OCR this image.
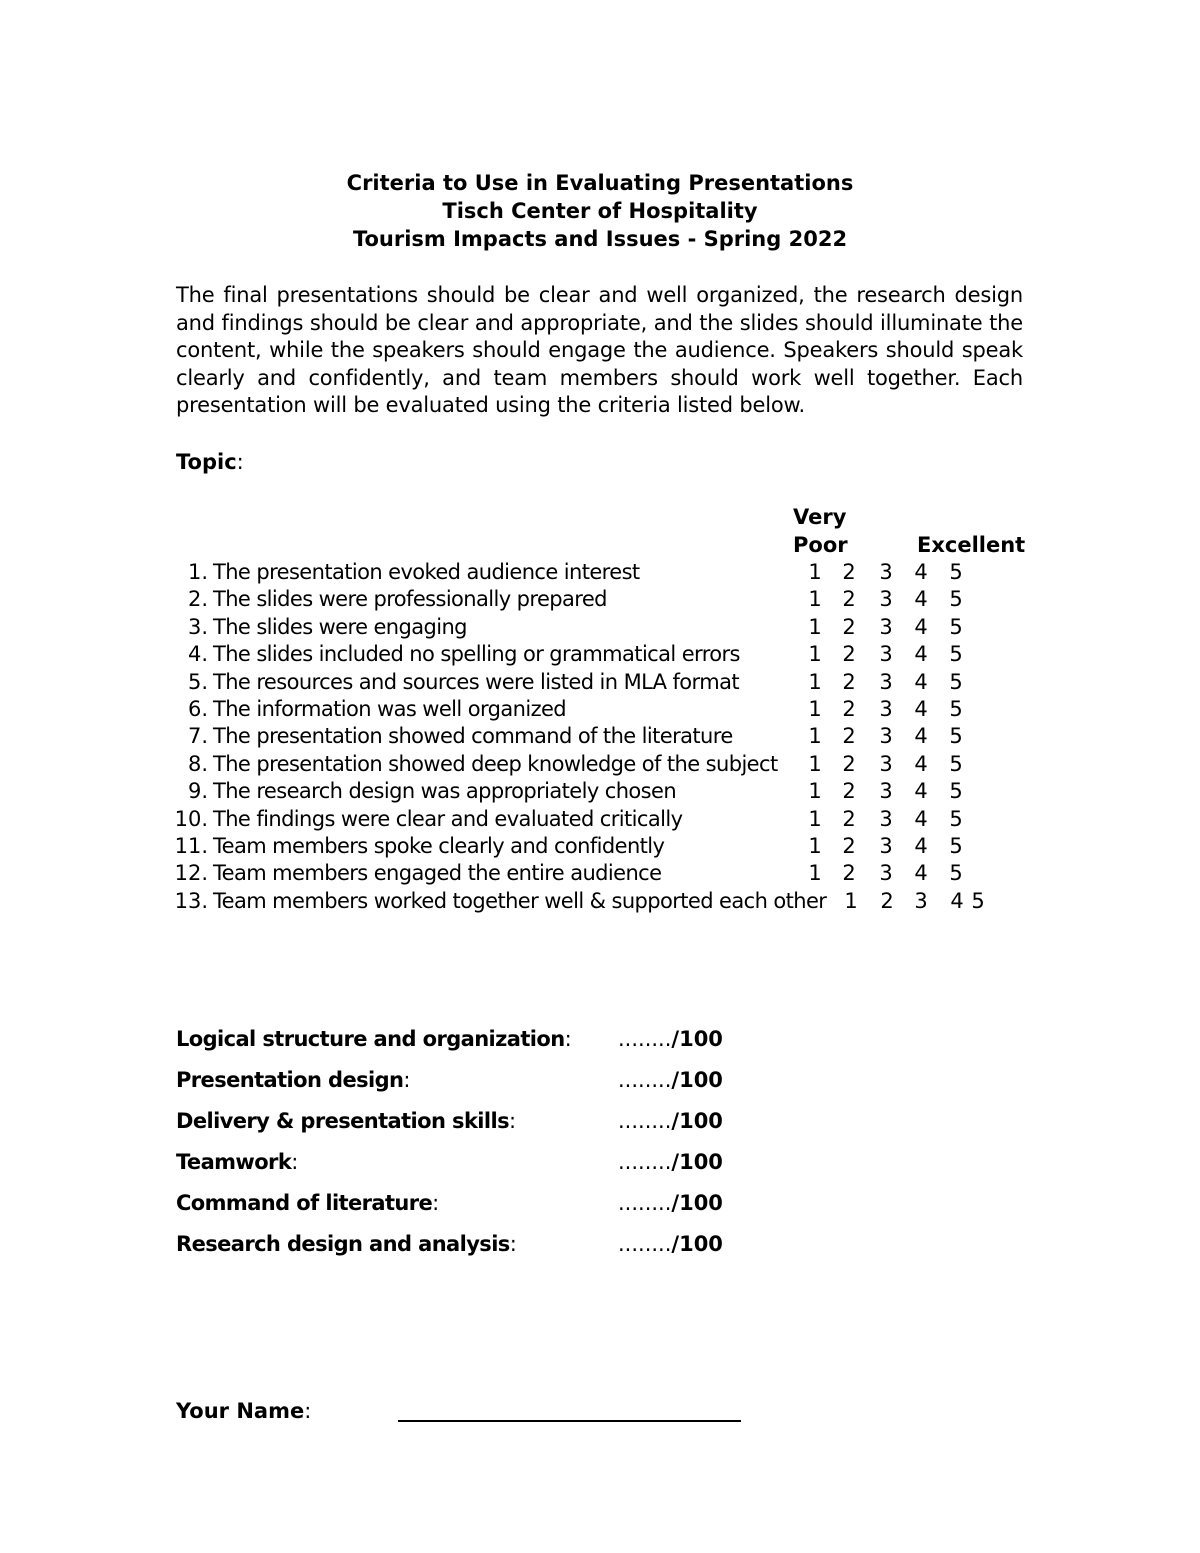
Criteria to Use in Evaluating Presentations
Tisch Center of Hospitality
Tourism Impacts and Issues - Spring 2022
The final presentations should be clear and well organized, the research design and findings should be clear and appropriate, and the slides should illuminate the content, while the speakers should engage the audience. Speakers should speak clearly and confidently, and team members should work well together. Each presentation will be evaluated using the criteria listed below.
Topic:
Very
Poor	Excellent
1. The presentation evoked audience interest	1 2 3 4 5
2. The slides were professionally prepared	1 2 3 4 5
3. The slides were engaging	1 2 3 4 5
4. The slides included no spelling or grammatical errors	1 2 3 4 5
5. The resources and sources were listed in MLA format	1 2 3 4 5
6. The information was well organized	1 2 3 4 5
7. The presentation showed command of the literature	1 2 3 4 5
8. The presentation showed deep knowledge of the subject 1 2 3 4 5
9. The research design was appropriately chosen	1 2 3 4 5
10. The findings were clear and evaluated critically	1 2 3 4 5
11. Team members spoke clearly and confidently	1 2 3 4 5
12. Team members engaged the entire audience	1 2 3 4 5
13. Team members worked together well & supported each other 1 2 3 4 5
Logical structure and organization: ......../100
Presentation design:	......../100
Delivery & presentation skills:	......../100
Teamwork:	......../100
Command of literature:	......../100
Research design and analysis:	......../100
Your Name:
